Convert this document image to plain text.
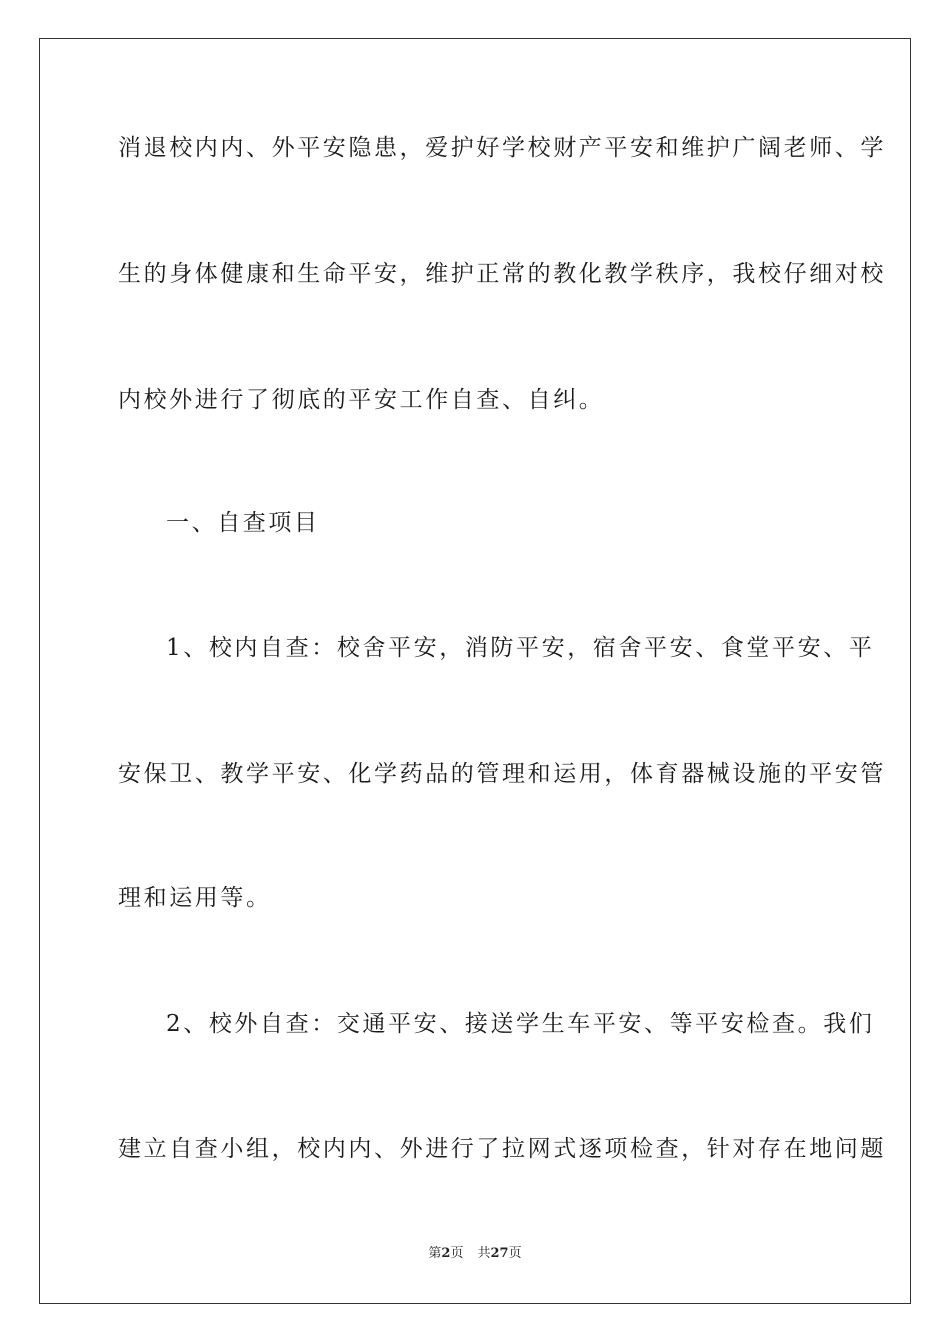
消退校内内、外平安隐患，爱护好学校财产平安和维护广阔老师、学
生的身体健康和生命平安，维护正常的教化教学秩序，我校仔细对校
内校外进行了彻底的平安工作自查、自纠。
一、自查项目
1、校内自查：校舍平安，消防平安，宿舍平安、食堂平安、平
安保卫、教学平安、化学药品的管理和运用，体育器械设施的平安管
理和运用等。
2、校外自查：交通平安、接送学生车平安、等平安检查。我们
建立自查小组，校内内、外进行了拉网式逐项检查，针对存在地问题
第2页 共27页
